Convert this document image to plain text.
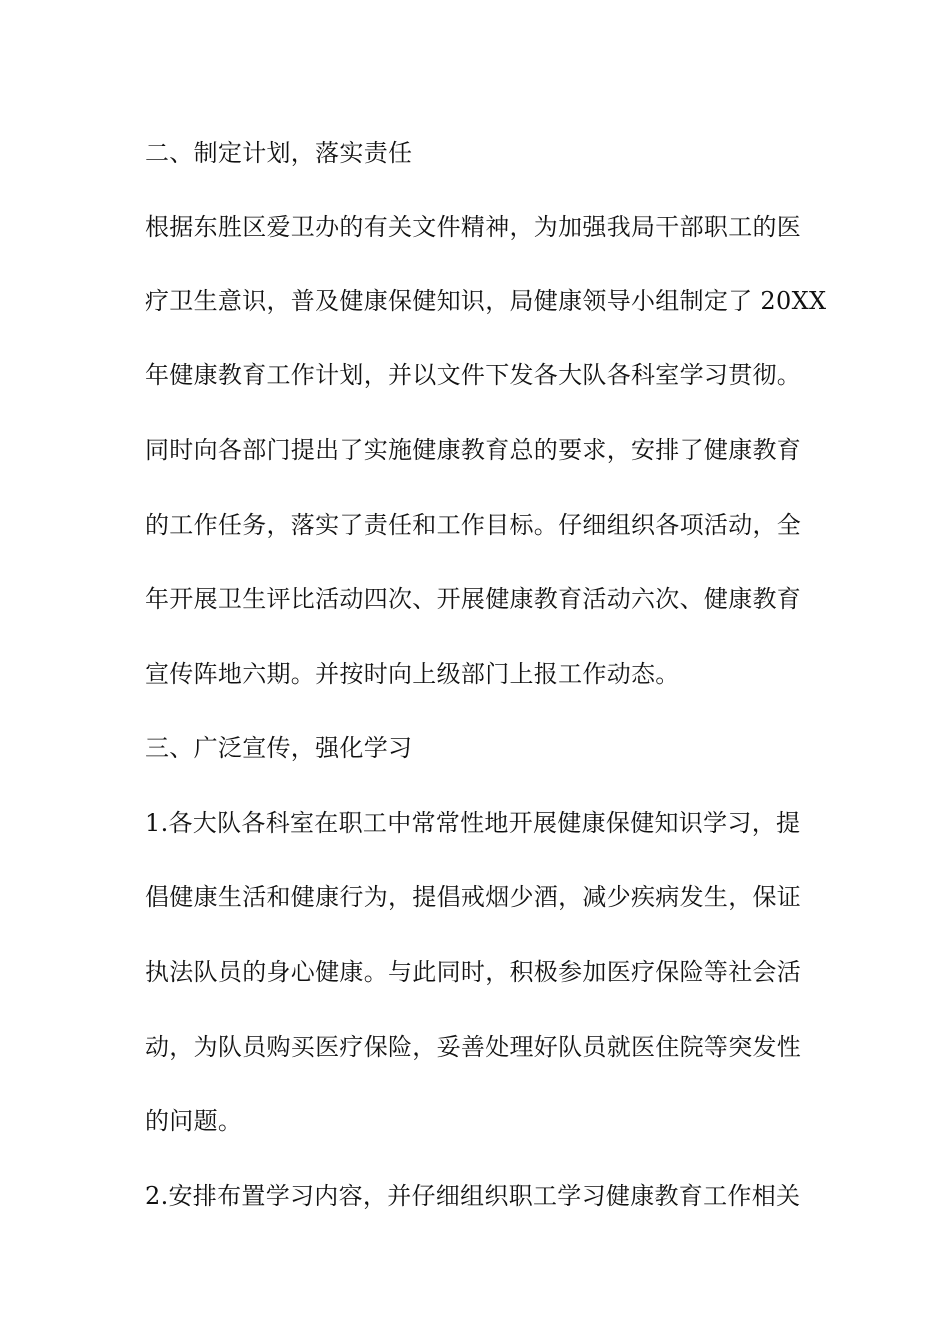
二、制定计划，落实责任
根据东胜区爱卫办的有关文件精神，为加强我局干部职工的医
疗卫生意识，普及健康保健知识，局健康领导小组制定了 20XX
年健康教育工作计划，并以文件下发各大队各科室学习贯彻。
同时向各部门提出了实施健康教育总的要求，安排了健康教育
的工作任务，落实了责任和工作目标。仔细组织各项活动，全
年开展卫生评比活动四次、开展健康教育活动六次、健康教育
宣传阵地六期。并按时向上级部门上报工作动态。
三、广泛宣传，强化学习
1.各大队各科室在职工中常常性地开展健康保健知识学习，提
倡健康生活和健康行为，提倡戒烟少酒，减少疾病发生，保证
执法队员的身心健康。与此同时，积极参加医疗保险等社会活
动，为队员购买医疗保险，妥善处理好队员就医住院等突发性
的问题。
2.安排布置学习内容，并仔细组织职工学习健康教育工作相关
